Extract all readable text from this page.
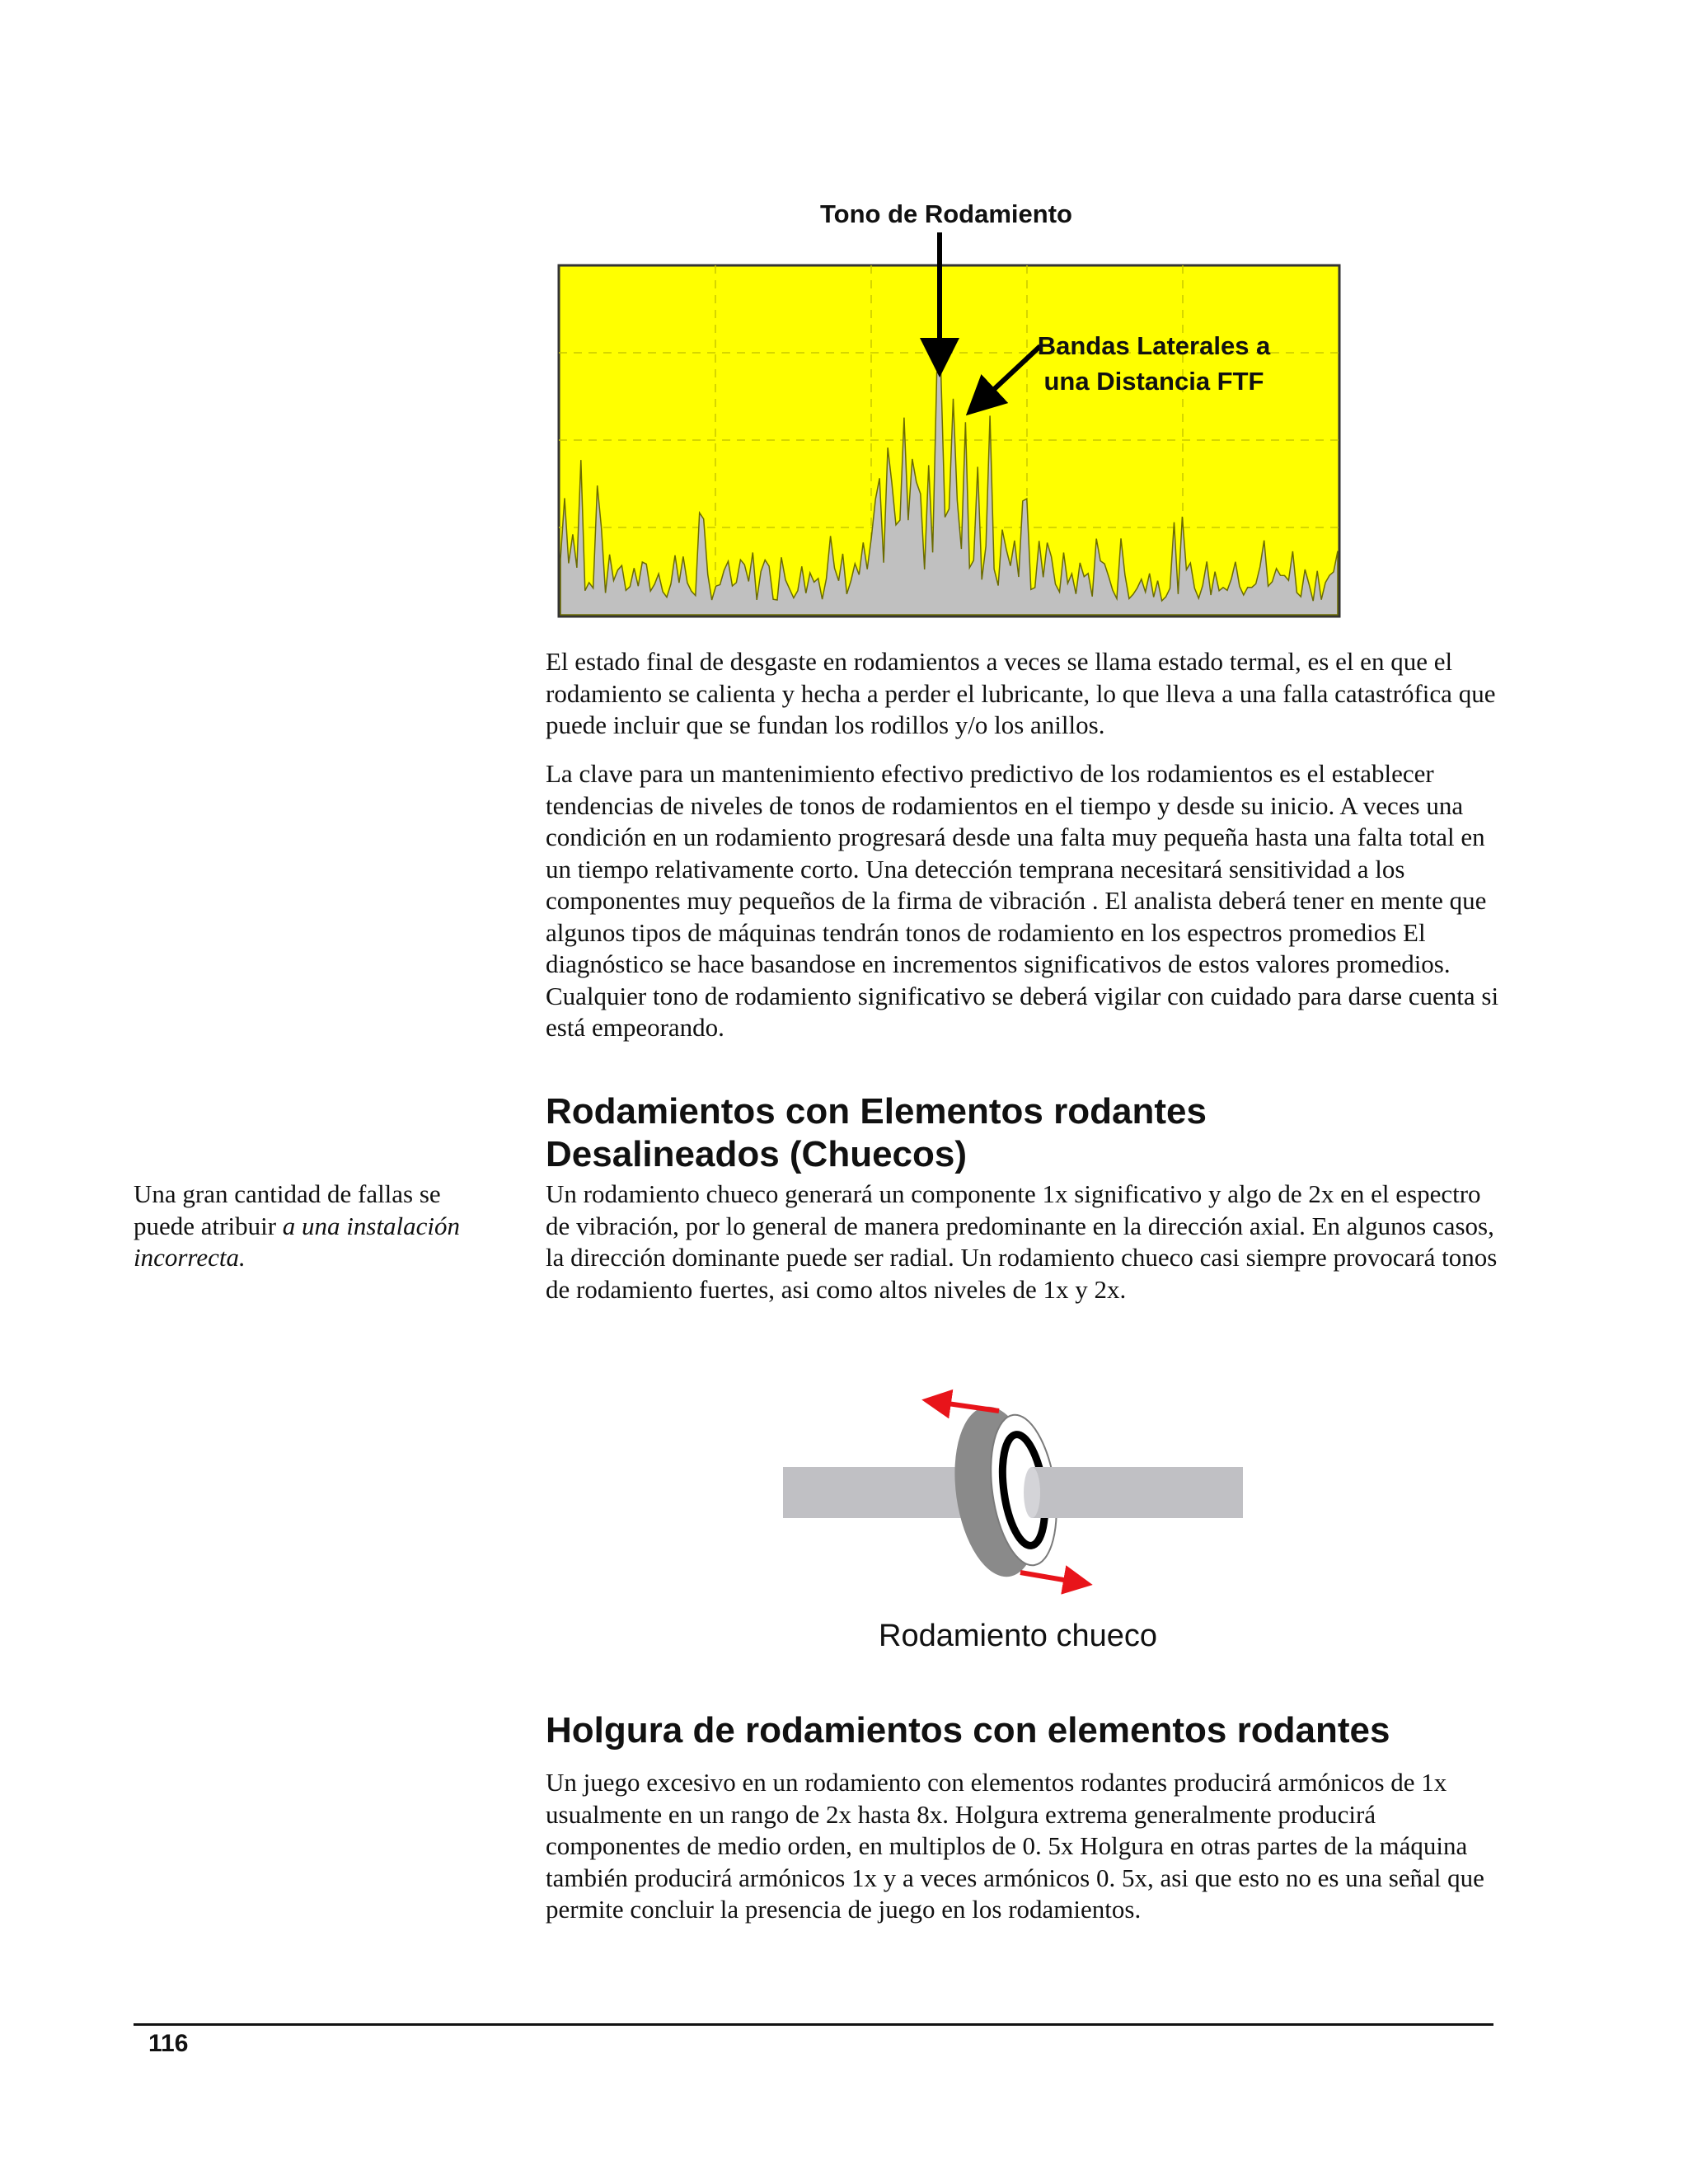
Tono de Rodamiento
Bandas Laterales a
una Distancia FTF

El estado final de desgaste en rodamientos a veces se llama estado termal, es el en que el rodamiento se calienta y hecha a perder el lubricante, lo que lleva a una falla catastrófica que puede incluir que se fundan los rodillos y/o los anillos.

La clave para un mantenimiento efectivo predictivo de los rodamientos es el establecer tendencias de niveles de tonos de rodamientos en el tiempo y desde su inicio. A veces una condición en un rodamiento progresará desde una falta muy pequeña hasta una falta total en un tiempo relativamente corto. Una detección temprana necesitará sensitividad a los componentes muy pequeños de la firma de vibración . El analista deberá tener en mente que algunos tipos de máquinas tendrán tonos de rodamiento en los espectros promedios El diagnóstico se hace basandose en incrementos significativos de estos valores promedios. Cualquier tono de rodamiento significativo se deberá vigilar con cuidado para darse cuenta si está empeorando.

Rodamientos con Elementos rodantes
Desalineados (Chuecos)

Una gran cantidad de fallas se puede atribuir a una instalación incorrecta.

Un rodamiento chueco generará un componente 1x significativo y algo de 2x en el espectro de vibración, por lo general de manera predominante en la dirección axial. En algunos casos, la dirección dominante puede ser radial. Un rodamiento chueco casi siempre provocará tonos de rodamiento fuertes, asi como altos niveles de 1x y 2x.

Rodamiento chueco
Holgura de rodamientos con elementos rodantes

Un juego excesivo en un rodamiento con elementos rodantes producirá armónicos de 1x usualmente en un rango de 2x hasta 8x. Holgura extrema generalmente producirá componentes de medio orden, en multiplos de 0. 5x Holgura en otras partes de la máquina también producirá armónicos 1x y a veces armónicos 0. 5x, asi que esto no es una señal que permite concluir la presencia de juego en los rodamientos.

116
